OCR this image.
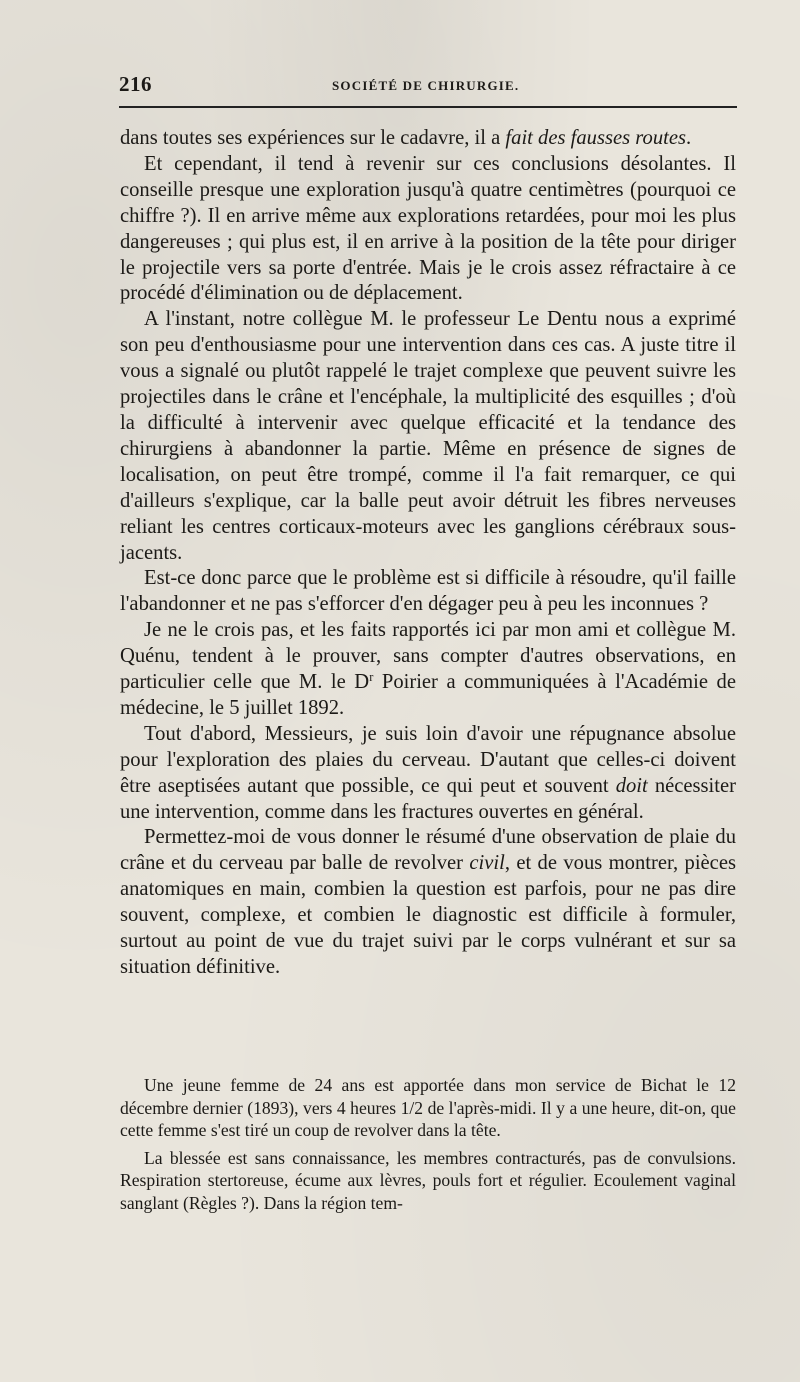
216	SOCIÉTÉ DE CHIRURGIE.

dans toutes ses expériences sur le cadavre, il a fait des fausses routes.

Et cependant, il tend à revenir sur ces conclusions désolantes. Il conseille presque une exploration jusqu'à quatre centimètres (pourquoi ce chiffre ?). Il en arrive même aux explorations retardées, pour moi les plus dangereuses ; qui plus est, il en arrive à la position de la tête pour diriger le projectile vers sa porte d'entrée. Mais je le crois assez réfractaire à ce procédé d'élimination ou de déplacement.

A l'instant, notre collègue M. le professeur Le Dentu nous a exprimé son peu d'enthousiasme pour une intervention dans ces cas. A juste titre il vous a signalé ou plutôt rappelé le trajet complexe que peuvent suivre les projectiles dans le crâne et l'encéphale, la multiplicité des esquilles ; d'où la difficulté à intervenir avec quelque efficacité et la tendance des chirurgiens à abandonner la partie. Même en présence de signes de localisation, on peut être trompé, comme il l'a fait remarquer, ce qui d'ailleurs s'explique, car la balle peut avoir détruit les fibres nerveuses reliant les centres corticaux-moteurs avec les ganglions cérébraux sous-jacents.

Est-ce donc parce que le problème est si difficile à résoudre, qu'il faille l'abandonner et ne pas s'efforcer d'en dégager peu à peu les inconnues ?

Je ne le crois pas, et les faits rapportés ici par mon ami et collègue M. Quénu, tendent à le prouver, sans compter d'autres observations, en particulier celle que M. le $D^r$ Poirier a communiquées à l'Académie de médecine, le 5 juillet 1892.

Tout d'abord, Messieurs, je suis loin d'avoir une répugnance absolue pour l'exploration des plaies du cerveau. D'autant que celles-ci doivent être aseptisées autant que possible, ce qui peut et souvent doit nécessiter une intervention, comme dans les fractures ouvertes en général.

Permettez-moi de vous donner le résumé d'une observation de plaie du crâne et du cerveau par balle de revolver civil, et de vous montrer, pièces anatomiques en main, combien la question est parfois, pour ne pas dire souvent, complexe, et combien le diagnostic est difficile à formuler, surtout au point de vue du trajet suivi par le corps vulnérant et sur sa situation définitive.

Une jeune femme de 24 ans est apportée dans mon service de Bichat le 12 décembre dernier (1893), vers 4 heures 1/2 de l'après-midi. Il y a une heure, dit-on, que cette femme s'est tiré un coup de revolver dans la tête.

La blessée est sans connaissance, les membres contracturés, pas de convulsions. Respiration stertoreuse, écume aux lèvres, pouls fort et régulier. Ecoulement vaginal sanglant (Règles ?). Dans la région tem-
